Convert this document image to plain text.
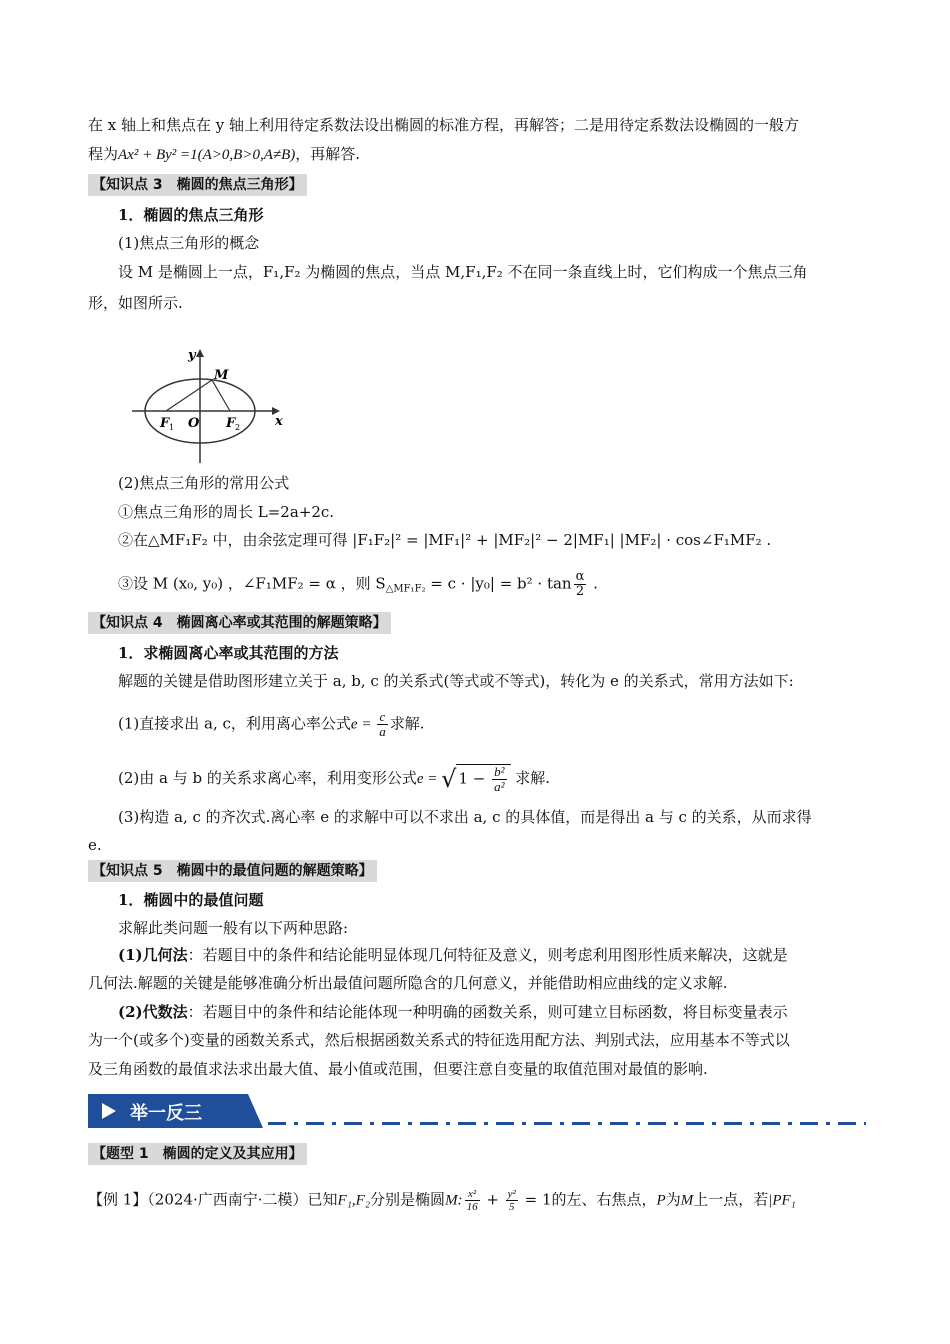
在 x 轴上和焦点在 y 轴上利用待定系数法设出椭圆的标准方程，再解答；二是用待定系数法设椭圆的一般方
程为Ax² + By² =1(A>0,B>0,A≠B)，再解答.
【知识点 3　椭圆的焦点三角形】
1．椭圆的焦点三角形
(1)焦点三角形的概念
设 M 是椭圆上一点，F₁,F₂ 为椭圆的焦点，当点 M,F₁,F₂ 不在同一条直线上时，它们构成一个焦点三角
形，如图所示.
y
x
M
O
F 1	F 2
(2)焦点三角形的常用公式
①焦点三角形的周长 L=2a+2c.
②在△MF₁F₂ 中，由余弦定理可得 |F₁F₂|² = |MF₁|² + |MF₂|² − 2|MF₁| |MF₂| · cos∠F₁MF₂ .
③设 M (x₀, y₀) ，∠F₁MF₂ = α ，则 $S_{\triangle MF_1F_2} = c \cdot |y_0| = b^2 \cdot \tan \frac{\alpha}{2}$ .
【知识点 4　椭圆离心率或其范围的解题策略】
1．求椭圆离心率或其范围的方法
解题的关键是借助图形建立关于 a, b, c 的关系式(等式或不等式)，转化为 e 的关系式，常用方法如下:
(1)直接求出 a, c，利用离心率公式$e = \frac{c}{a}$ 求解.
(2)由 a 与 b 的关系求离心率，利用变形公式e = √ $1 - \frac{\text{b²}}{\text{a²}}$ 求解.
(3)构造 a, c 的齐次式.离心率 e 的求解中可以不求出 a, c 的具体值，而是得出 a 与 c 的关系，从而求得
e.
【知识点 5　椭圆中的最值问题的解题策略】
1．椭圆中的最值问题
求解此类问题一般有以下两种思路:
(1)几何法：若题目中的条件和结论能明显体现几何特征及意义，则考虑利用图形性质来解决，这就是
几何法.解题的关键是能够准确分析出最值问题所隐含的几何意义，并能借助相应曲线的定义求解.
(2)代数法：若题目中的条件和结论能体现一种明确的函数关系，则可建立目标函数，将目标变量表示
为一个(或多个)变量的函数关系式，然后根据函数关系式的特征选用配方法、判别式法，应用基本不等式以
及三角函数的最值求法求出最大值、最小值或范围，但要注意自变量的取值范围对最值的影响.
举一反三
【题型 1　椭圆的定义及其应用】
【例 1】（2024·广西南宁·二模）已知F₁,F₂分别是椭圆M: $\frac{\text{x²}}{16} + \frac{\text{y²}}{5} = 1$的左、右焦点，P为M上一点，若|PF₁
